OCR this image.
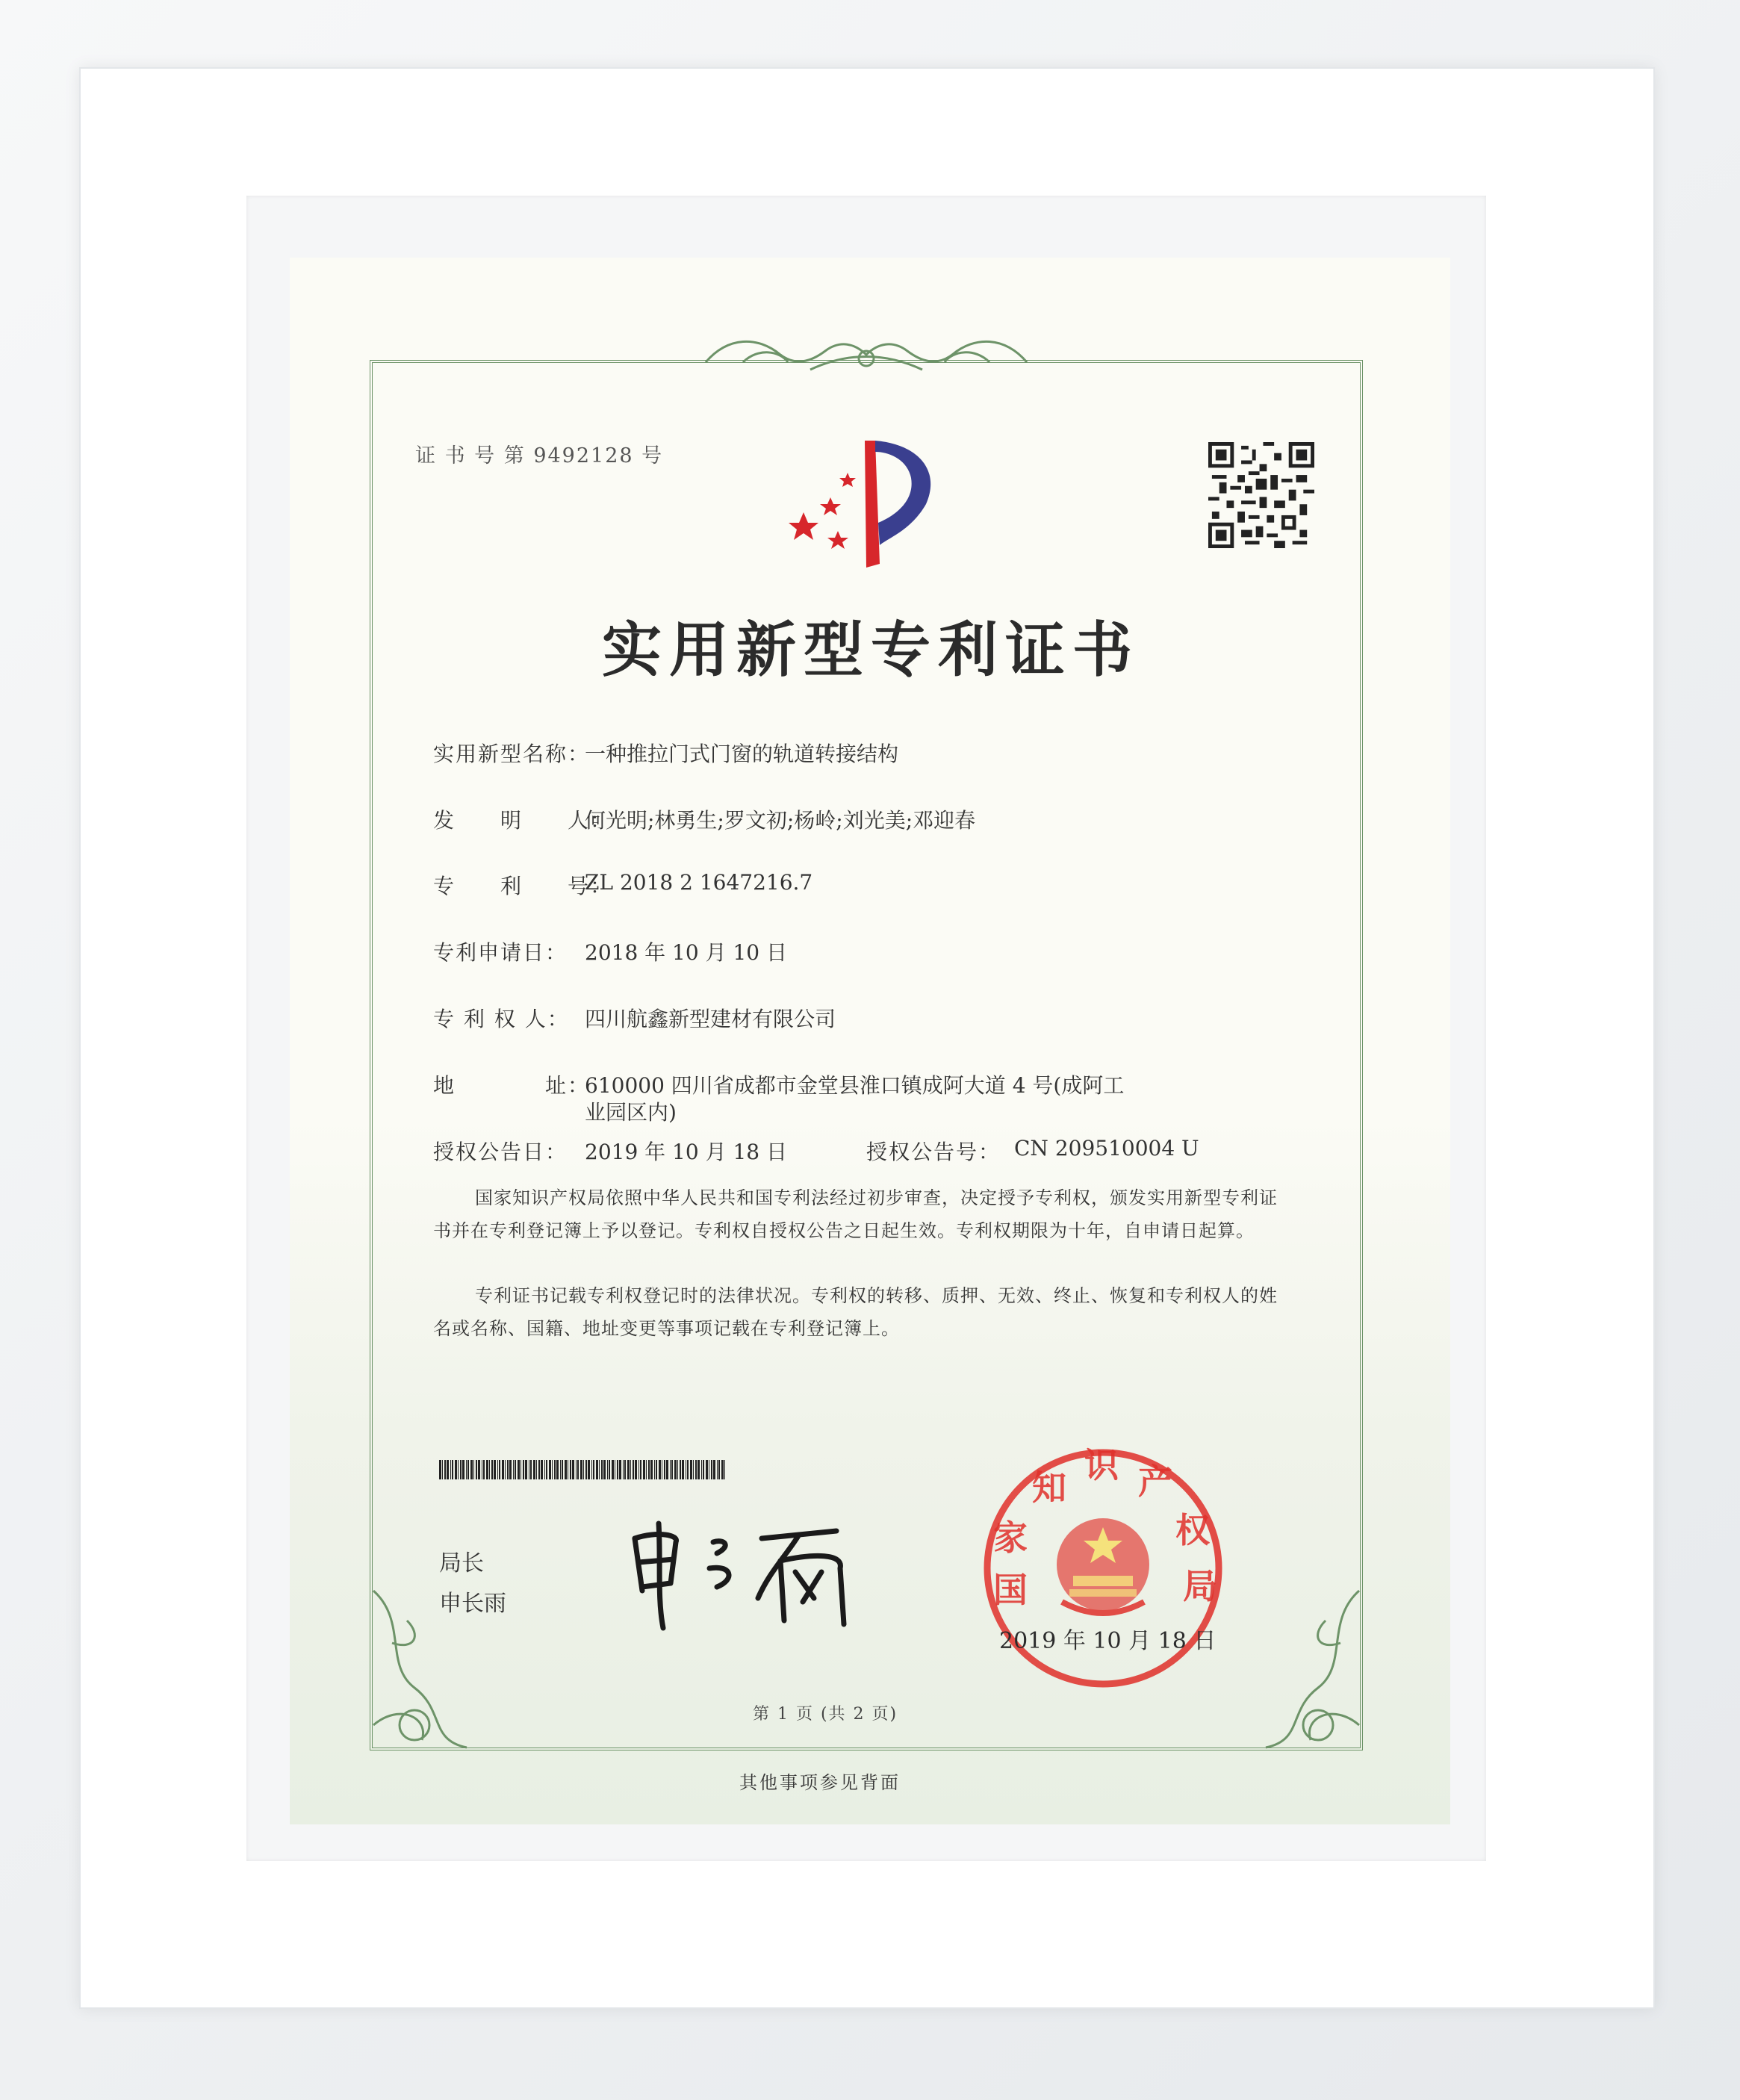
证 书 号 第 9492128 号
实用新型专利证书
实用新型名称：
一种推拉门式门窗的轨道转接结构
发　　明　　人：
何光明;林勇生;罗文初;杨岭;刘光美;邓迎春
专　　利　　号：
ZL 2018 2 1647216.7
专利申请日： 2018 年 10 月 10 日
专 利 权 人： 四川航鑫新型建材有限公司
地　　　　址：
610000 四川省成都市金堂县淮口镇成阿大道 4 号(成阿工
业园区内)
授权公告日： 2019 年 10 月 18 日	授权公告号： CN 209510004 U
国家知识产权局依照中华人民共和国专利法经过初步审查，决定授予专利权，颁发实用新型专利证书并在专利登记簿上予以登记。专利权自授权公告之日起生效。专利权期限为十年，自申请日起算。
专利证书记载专利权登记时的法律状况。专利权的转移、质押、无效、终止、恢复和专利权人的姓名或名称、国籍、地址变更等事项记载在专利登记簿上。
局长
申长雨	国 家 知 识 产 权 局
2019 年 10 月 18 日
第 1 页 (共 2 页)
其他事项参见背面
